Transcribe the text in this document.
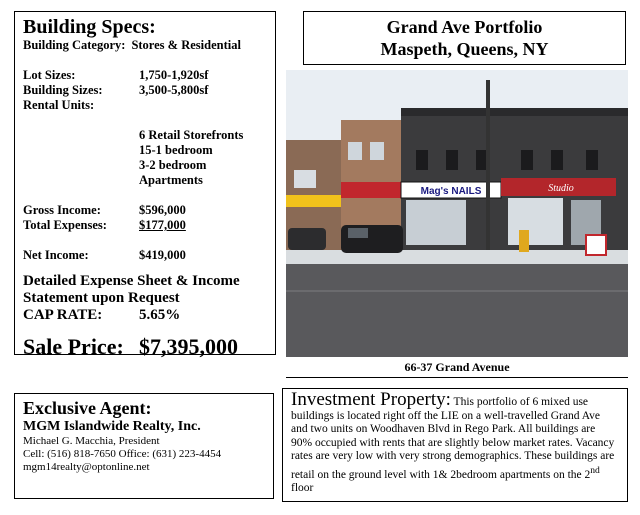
Building Specs:
Building Category: Stores & Residential
Lot Sizes:	1,750-1,920sf
Building Sizes:	3,500-5,800sf
Rental Units:
6 Retail Storefronts
15-1 bedroom
3-2 bedroom
Apartments
Gross Income:	$596,000
Total Expenses:	$177,000
Net Income:	$419,000
Detailed Expense Sheet & Income
Statement upon Request
CAP RATE:	5.65%
Sale Price: $7,395,000
Grand Ave Portfolio
Maspeth, Queens, NY
Mag's NAILS	Studio
66-37 Grand Avenue
Exclusive Agent:
MGM Islandwide Realty, Inc.
Michael G. Macchia, President
Cell: (516) 818-7650 Office: (631) 223-4454
mgm14realty@optonline.net

Investment Property: This portfolio of 6 mixed use buildings is located right off the LIE on a well-travelled Grand Ave and two units on Woodhaven Blvd in Rego Park. All buildings are 90% occupied with rents that are slightly below market rates. Vacancy rates are very low with very strong demographics. These buildings are retail on the ground level with 1& 2bedroom apartments on the 2nd floor
